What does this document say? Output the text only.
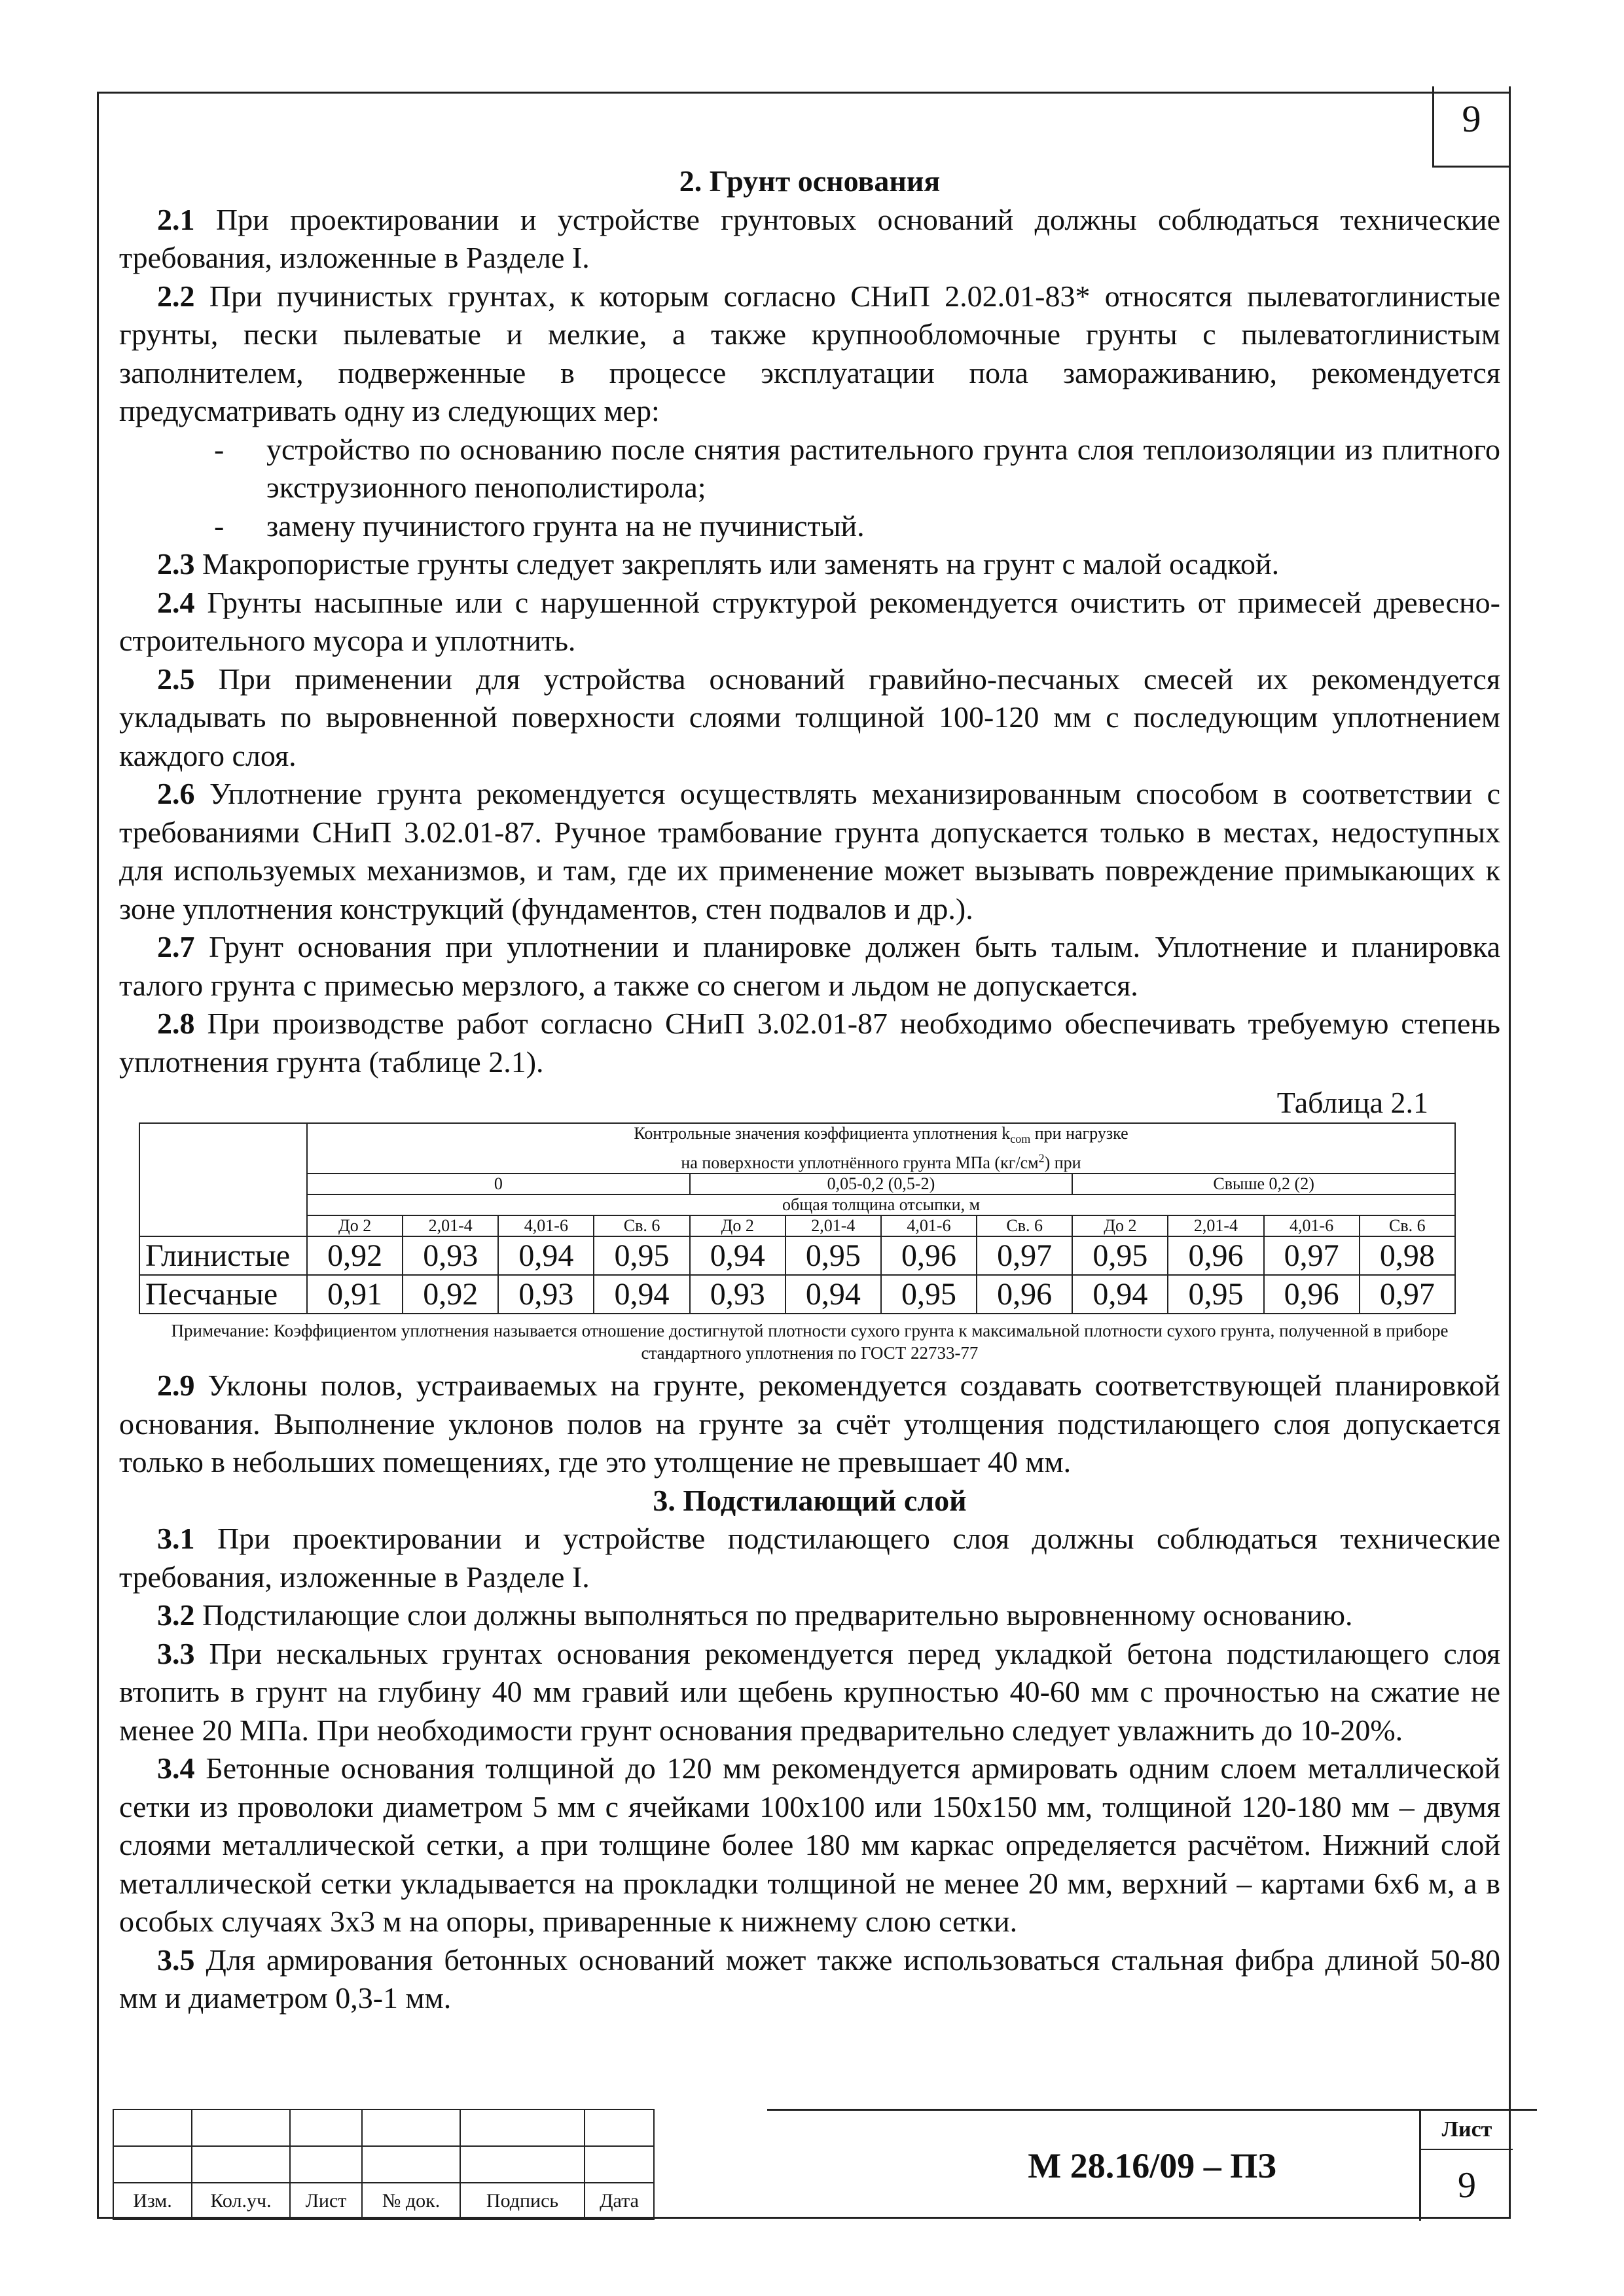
9

2. Грунт основания

2.1 При проектировании и устройстве грунтовых оснований должны соблюдаться технические требования, изложенные в Разделе I.

2.2 При пучинистых грунтах, к которым согласно СНиП 2.02.01-83* относятся пылеватоглинистые грунты, пески пылеватые и мелкие, а также крупнообломочные грунты с пылеватоглинистым заполнителем, подверженные в процессе эксплуатации пола замораживанию, рекомендуется предусматривать одну из следующих мер:

-	устройство по основанию после снятия растительного грунта слоя теплоизоляции из плитного экструзионного пенополистирола;
-	замену пучинистого грунта на не пучинистый.

2.3 Макропористые грунты следует закреплять или заменять на грунт с малой осадкой.

2.4 Грунты насыпные или с нарушенной структурой рекомендуется очистить от примесей древесно-строительного мусора и уплотнить.

2.5 При применении для устройства оснований гравийно-песчаных смесей их рекомендуется укладывать по выровненной поверхности слоями толщиной 100-120 мм с последующим уплотнением каждого слоя.

2.6 Уплотнение грунта рекомендуется осуществлять механизированным способом в соответствии с требованиями СНиП 3.02.01-87. Ручное трамбование грунта допускается только в местах, недоступных для используемых механизмов, и там, где их применение может вызывать повреждение примыкающих к зоне уплотнения конструкций (фундаментов, стен подвалов и др.).

2.7 Грунт основания при уплотнении и планировке должен быть талым. Уплотнение и планировка талого грунта с примесью мерзлого, а также со снегом и льдом не допускается.

2.8 При производстве работ согласно СНиП 3.02.01-87 необходимо обеспечивать требуемую степень уплотнения грунта (таблице 2.1).

Таблица 2.1
	Контрольные значения коэффициента уплотнения $k_{com}$ при нагрузке
на поверхности уплотнённого грунта МПа $(кг/см^2)$ при											
	0				0,05-0,2 (0,5-2)				Свыше 0,2 (2)			
	общая толщина отсыпки, м											
	До 2	2,01-4	4,01-6	Св. 6	До 2	2,01-4	4,01-6	Св. 6	До 2	2,01-4	4,01-6	Св. 6
Глинистые	0,92	0,93	0,94	0,95	0,94	0,95	0,96	0,97	0,95	0,96	0,97	0,98
Песчаные	0,91	0,92	0,93	0,94	0,93	0,94	0,95	0,96	0,94	0,95	0,96	0,97
Примечание: Коэффициентом уплотнения называется отношение достигнутой плотности сухого грунта к максимальной плотности сухого грунта, полученной в приборе стандартного уплотнения по ГОСТ 22733-77

2.9 Уклоны полов, устраиваемых на грунте, рекомендуется создавать соответствующей планировкой основания. Выполнение уклонов полов на грунте за счёт утолщения подстилающего слоя допускается только в небольших помещениях, где это утолщение не превышает 40 мм.

3. Подстилающий слой

3.1 При проектировании и устройстве подстилающего слоя должны соблюдаться технические требования, изложенные в Разделе I.

3.2 Подстилающие слои должны выполняться по предварительно выровненному основанию.

3.3 При нескальных грунтах основания рекомендуется перед укладкой бетона подстилающего слоя втопить в грунт на глубину 40 мм гравий или щебень крупностью 40-60 мм с прочностью на сжатие не менее 20 МПа. При необходимости грунт основания предварительно следует увлажнить до 10-20%.

3.4 Бетонные основания толщиной до 120 мм рекомендуется армировать одним слоем металлической сетки из проволоки диаметром 5 мм с ячейками 100х100 или 150х150 мм, толщиной 120-180 мм – двумя слоями металлической сетки, а при толщине более 180 мм каркас определяется расчётом. Нижний слой металлической сетки укладывается на прокладки толщиной не менее 20 мм, верхний – картами 6х6 м, а в особых случаях 3х3 м на опоры, приваренные к нижнему слою сетки.

3.5 Для армирования бетонных оснований может также использоваться стальная фибра длиной 50-80 мм и диаметром 0,3-1 мм.

Изм.	Кол.уч.	Лист	№ док.	Подпись	Дата
М 28.16/09 – ПЗ
Лист
9
